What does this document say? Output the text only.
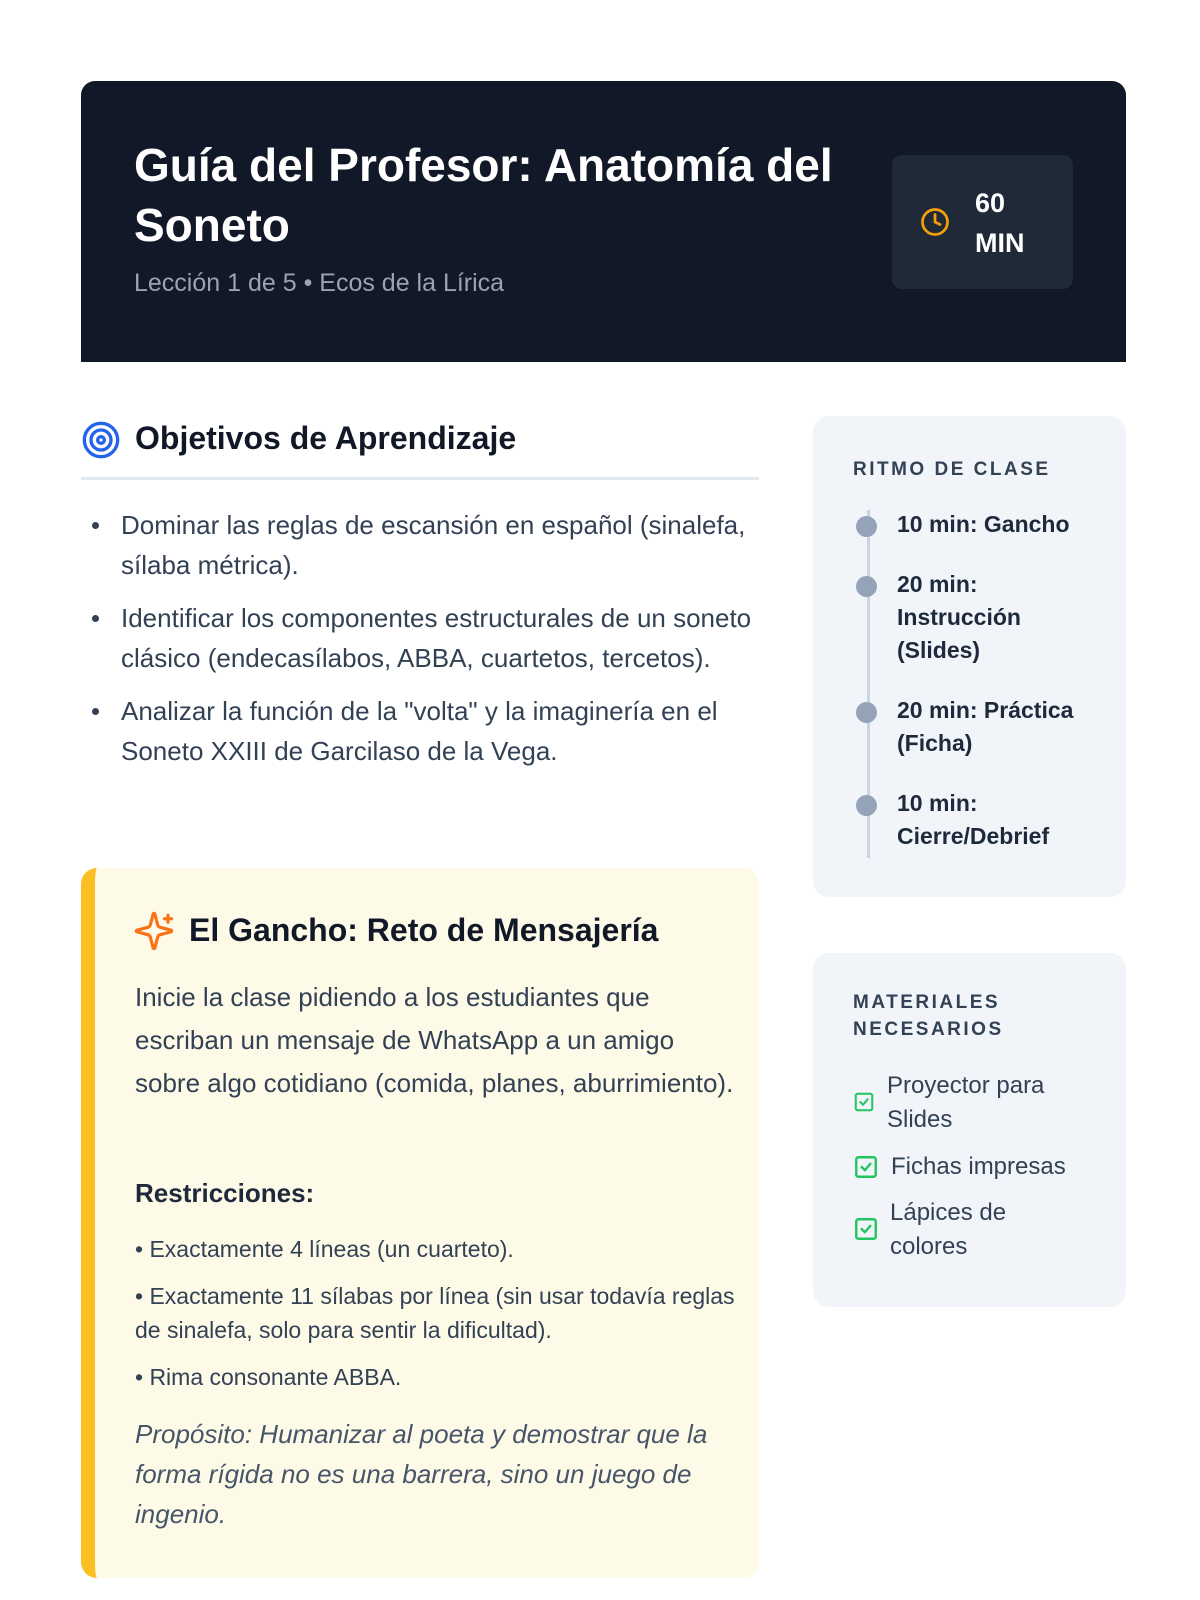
Guía del Profesor: Anatomía del Soneto
Lección 1 de 5 • Ecos de la Lírica
60 MIN
Objetivos de Aprendizaje
Dominar las reglas de escansión en español (sinalefa, sílaba métrica).
Identificar los componentes estructurales de un soneto clásico (endecasílabos, ABBA, cuartetos, tercetos).
Analizar la función de la "volta" y la imaginería en el Soneto XXIII de Garcilaso de la Vega.
El Gancho: Reto de Mensajería

Inicie la clase pidiendo a los estudiantes que escriban un mensaje de WhatsApp a un amigo sobre algo cotidiano (comida, planes, aburrimiento).

Restricciones:
• Exactamente 4 líneas (un cuarteto).
• Exactamente 11 sílabas por línea (sin usar todavía reglas de sinalefa, solo para sentir la dificultad).
• Rima consonante ABBA.

Propósito: Humanizar al poeta y demostrar que la forma rígida no es una barrera, sino un juego de ingenio.

RITMO DE CLASE
10 min: Gancho
20 min: Instrucción (Slides)
20 min: Práctica (Ficha)
10 min: Cierre/Debrief
MATERIALES NECESARIOS
Proyector para Slides
Fichas impresas
Lápices de colores
